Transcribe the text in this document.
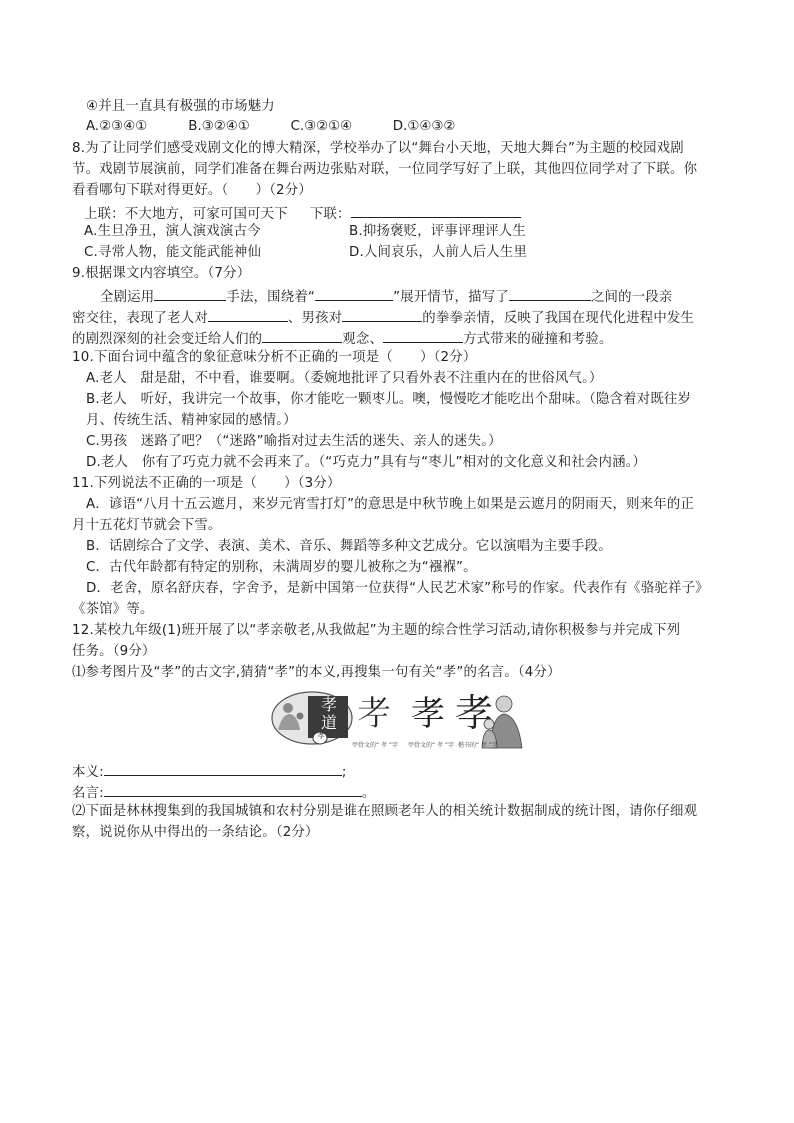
④并且一直具有极强的市场魅力
A.②③④①	B.③②④①	C.③②①④	D.①④③②
8.为了让同学们感受戏剧文化的博大精深，学校举办了以“舞台小天地，天地大舞台”为主题的校园戏剧
节。戏剧节展演前，同学们准备在舞台两边张贴对联，一位同学写好了上联，其他四位同学对了下联。你
看看哪句下联对得更好。（　　）（2分）
上联：不大地方，可家可国可天下 下联：
A.生旦净丑，演人演戏演古今	B.抑扬褒贬，评事评理评人生
C.寻常人物，能文能武能神仙	D.人间哀乐，人前人后人生里
9.根据课文内容填空。（7分）
全剧运用	手法，围绕着“	”展开情节，描写了	之间的一段亲
密交往，表现了老人对	、男孩对	的拳拳亲情，反映了我国在现代化进程中发生
的剧烈深刻的社会变迁给人们的	观念、	方式带来的碰撞和考验。
10.下面台词中蕴含的象征意味分析不正确的一项是（　　）（2分）
A.老人　甜是甜，不中看，谁要啊。（委婉地批评了只看外表不注重内在的世俗风气。）
B.老人　听好，我讲完一个故事，你才能吃一颗枣儿。噢，慢慢吃才能吃出个甜味。（隐含着对既往岁
月、传统生活、精神家园的感情。）
C.男孩　迷路了吧？（“迷路”喻指对过去生活的迷失、亲人的迷失。）
D.老人　你有了巧克力就不会再来了。（“巧克力”具有与“枣儿”相对的文化意义和社会内涵。）
11.下列说法不正确的一项是（　　）（3分）
A．谚语“八月十五云遮月，来岁元宵雪打灯”的意思是中秋节晚上如果是云遮月的阴雨天，则来年的正
月十五花灯节就会下雪。
B．话剧综合了文学、表演、美术、音乐、舞蹈等多种文艺成分。它以演唱为主要手段。
C．古代年龄都有特定的别称，未满周岁的婴儿被称之为“襁褓”。
D．老舍，原名舒庆春，字舍予，是新中国第一位获得“人民艺术家”称号的作家。代表作有《骆驼祥子》
《茶馆》等。
12.某校九年级(1)班开展了以“孝亲敬老,从我做起”为主题的综合性学习活动,请你积极参与并完成下列
任务。（9分）
⑴参考图片及“孝”的古文字,猜猜“孝”的本义,再搜集一句有关“孝”的名言。（4分）
孝道
孝
𦒱 孝 孝
甲骨文的“ 孝 ”字 甲骨文的“ 孝 ”字 楷书的“ 孝 ”字
本义:	;
名言:	。
⑵下面是林林搜集到的我国城镇和农村分别是谁在照顾老年人的相关统计数据制成的统计图，请你仔细观
察，说说你从中得出的一条结论。（2分）
